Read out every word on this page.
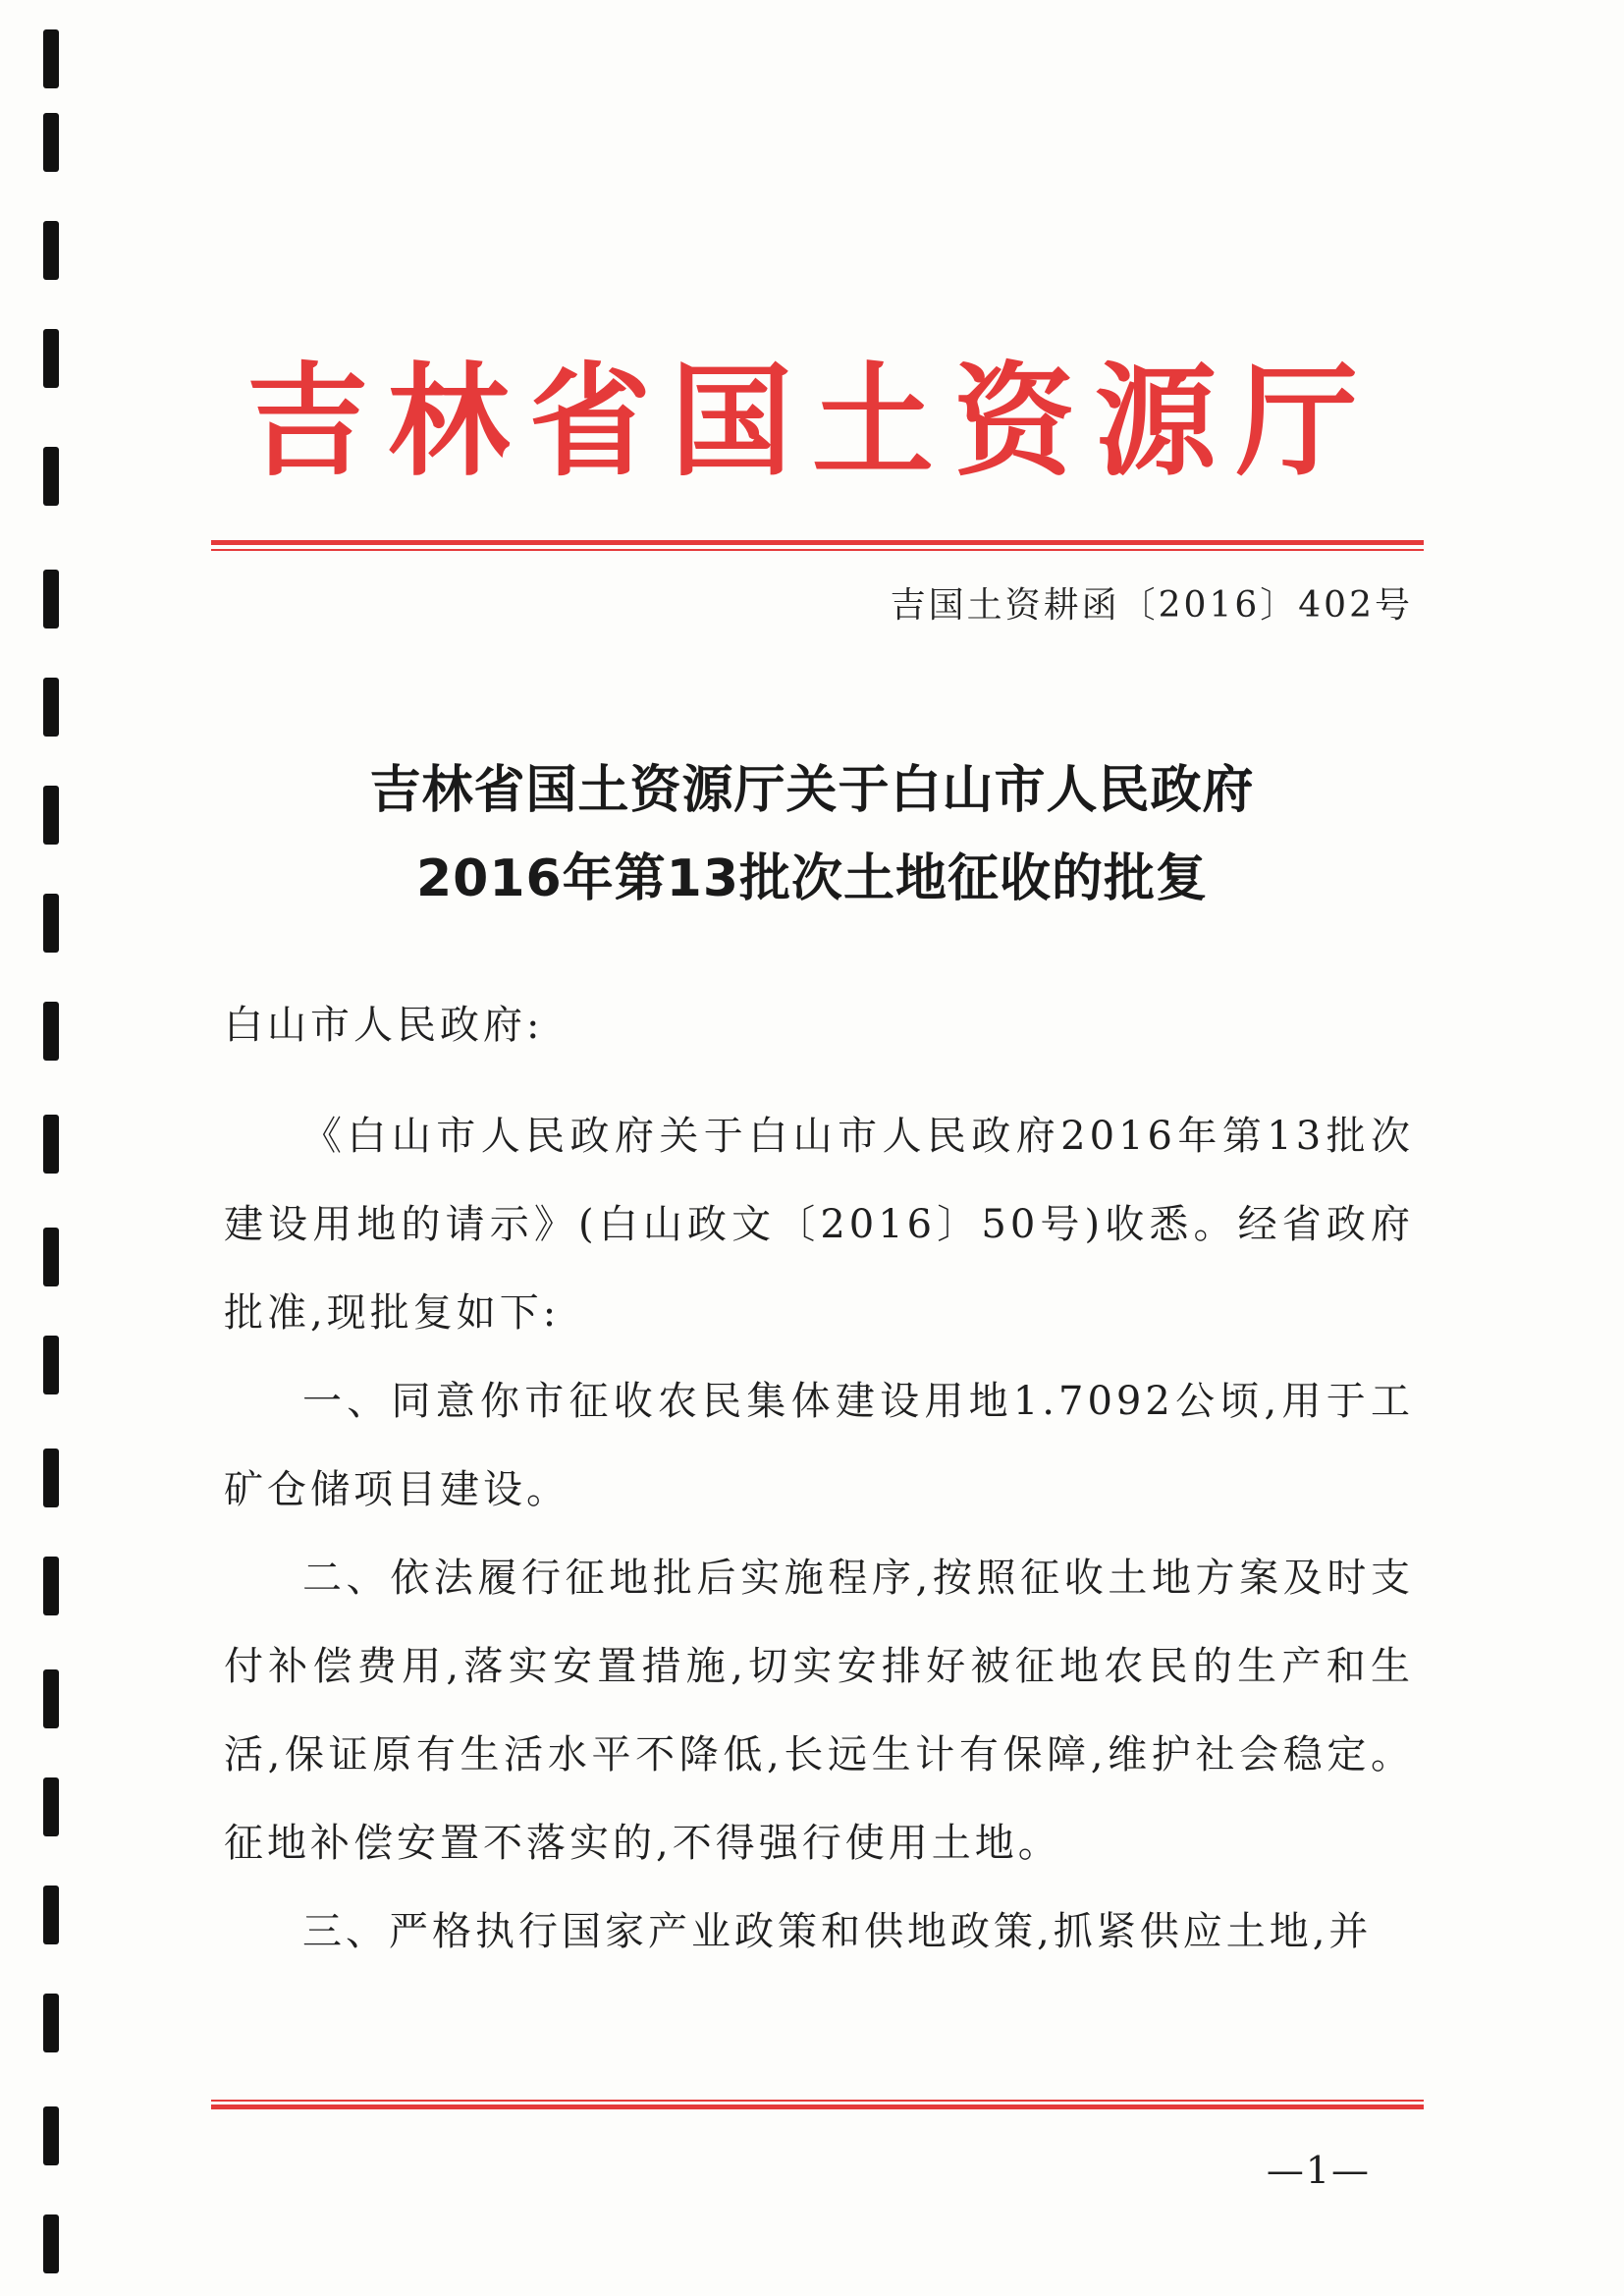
吉林省国土资源厅
吉国土资耕函〔2016〕402号
吉林省国土资源厅关于白山市人民政府
2016年第13批次土地征收的批复
白山市人民政府:

《白山市人民政府关于白山市人民政府2016年第13批次建设用地的请示》(白山政文〔2016〕50号)收悉。经省政府批准,现批复如下:

一、同意你市征收农民集体建设用地1.7092公顷,用于工矿仓储项目建设。

二、依法履行征地批后实施程序,按照征收土地方案及时支付补偿费用,落实安置措施,切实安排好被征地农民的生产和生活,保证原有生活水平不降低,长远生计有保障,维护社会稳定。征地补偿安置不落实的,不得强行使用土地。

三、严格执行国家产业政策和供地政策,抓紧供应土地,并

—1—
